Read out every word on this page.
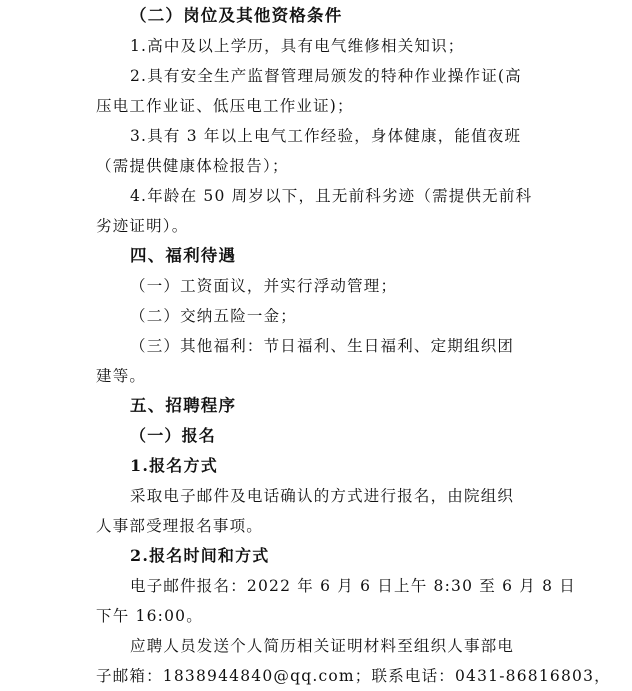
（二）岗位及其他资格条件
1.高中及以上学历，具有电气维修相关知识；
2.具有安全生产监督管理局颁发的特种作业操作证(高
压电工作业证、低压电工作业证)；
3.具有 3 年以上电气工作经验，身体健康，能值夜班
（需提供健康体检报告）；
4.年龄在 50 周岁以下，且无前科劣迹（需提供无前科
劣迹证明）。
四、福利待遇
（一）工资面议，并实行浮动管理；
（二）交纳五险一金；
（三）其他福利：节日福利、生日福利、定期组织团
建等。
五、招聘程序
（一）报名
1.报名方式
采取电子邮件及电话确认的方式进行报名，由院组织
人事部受理报名事项。
2.报名时间和方式
电子邮件报名：2022 年 6 月 6 日上午 8:30 至 6 月 8 日
下午 16:00。
应聘人员发送个人简历相关证明材料至组织人事部电
子邮箱：1838944840@qq.com；联系电话：0431-86816803，
